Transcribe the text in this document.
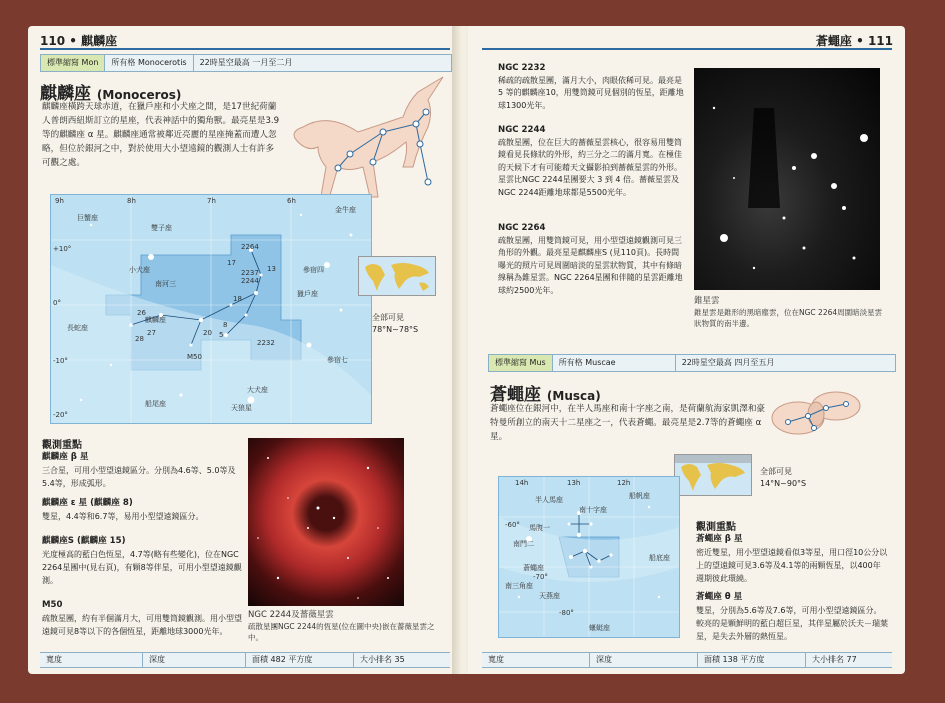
110 • 麒麟座
標準縮寫 Mon	所有格 Monocerotis	22時星空最高 一月至二月
麒麟座 (Monoceros)
麒麟座橫跨天球赤道，在獵戶座和小犬座之間，是17世紀荷蘭人普朗西紐斯訂立的星座，代表神話中的獨角獸。最亮星是3.9等的麒麟座 α 星。麒麟座通常被鄰近亮麗的星座掩蓋而遭人忽略，但位於銀河之中，對於使用大小望遠鏡的觀測人士有許多可觀之處。
9h	8h	7h	6h
+10°
0°
-10°
-20°
巨蟹座
雙子座
金牛座
小犬座
南河三
參宿四
獵戶座
長蛇座
麒麟座
參宿七
大犬座
船尾座	天狼星
M50
2264
2244
2237
2232
13
17
18
20
26
27
28	5
8
全部可見
78°N~78°S
觀測重點
麒麟座 β 星
三合星，可用小型望遠鏡區分。分別為4.6等、5.0等及5.4等，形成弧形。
麒麟座 ε 星 (麒麟座 8)
雙星，4.4等和6.7等，易用小型望遠鏡區分。
麒麟座S (麒麟座 15)
光度極高的藍白色恆星，4.7等(略有些變化)，位在NGC 2264星團中(見右頁)，有顆8等伴星，可用小型望遠鏡觀測。
M50
疏散星團，約有半個滿月大，可用雙筒鏡觀測。用小型望遠鏡可見8等以下的各個恆星，距離地球3000光年。
NGC 2244及薔薇星雲
疏散星團NGC 2244的恆星(位在圖中央)嵌在薔薇星雲之中。
寬度	深度	面積 482 平方度	大小排名 35
蒼蠅座 • 111
NGC 2232
稀疏的疏散星團，滿月大小，肉眼依稀可見。最亮是 5 等的麒麟座10，用雙筒鏡可見個別的恆星，距離地球1300光年。
NGC 2244
疏散星團，位在巨大的薔薇星雲核心，很容易用雙筒鏡看見長條狀的外形，約三分之二的滿月寬。在極佳的天候下才有可能藉天文攝影拍到薔薇星雲的外形。星雲比NGC 2244星團要大 3 到 4 倍。薔薇星雲及NGC 2244距離地球都是5500光年。
NGC 2264
疏散星團，用雙筒鏡可見，用小型望遠鏡觀測可見三角形的外觀。最亮星是麒麟座S (見110頁)。長時間曝光的照片可見周圍暗淡的星雲狀物質，其中有條暗線稱為錐星雲。NGC 2264星團和伴隨的星雲距離地球約2500光年。
錐星雲
錐星雲是錐形的黑暗塵雲，位在NGC 2264周圍暗淡星雲狀物質的南半邊。
標準縮寫 Mus	所有格 Muscae	22時星空最高 四月至五月
蒼蠅座 (Musca)
蒼蠅座位在銀河中，在半人馬座和南十字座之南，是荷蘭航海家凱澤和豪特曼所創立的南天十二星座之一，代表蒼蠅。最亮星是2.7等的蒼蠅座 α 星。
全部可見
14°N~90°S
14h	13h	12h
半人馬座	船帆座
馬腹一
南十字座
南門二
蒼蠅座
船底座
南三角座
天燕座
蝘蜓座
-60°
-70°
-80°
觀測重點
蒼蠅座 β 星
密近雙星，用小型望遠鏡看似3等星，用口徑10公分以上的望遠鏡可見3.6等及4.1等的兩顆恆星，以400年週期彼此環繞。
蒼蠅座 θ 星
雙星，分別為5.6等及7.6等，可用小型望遠鏡區分。較亮的是顆鮮明的藍白超巨星，其伴星屬於沃夫－瑞葉星，是失去外層的熱恆星。
寬度	深度	面積 138 平方度	大小排名 77
